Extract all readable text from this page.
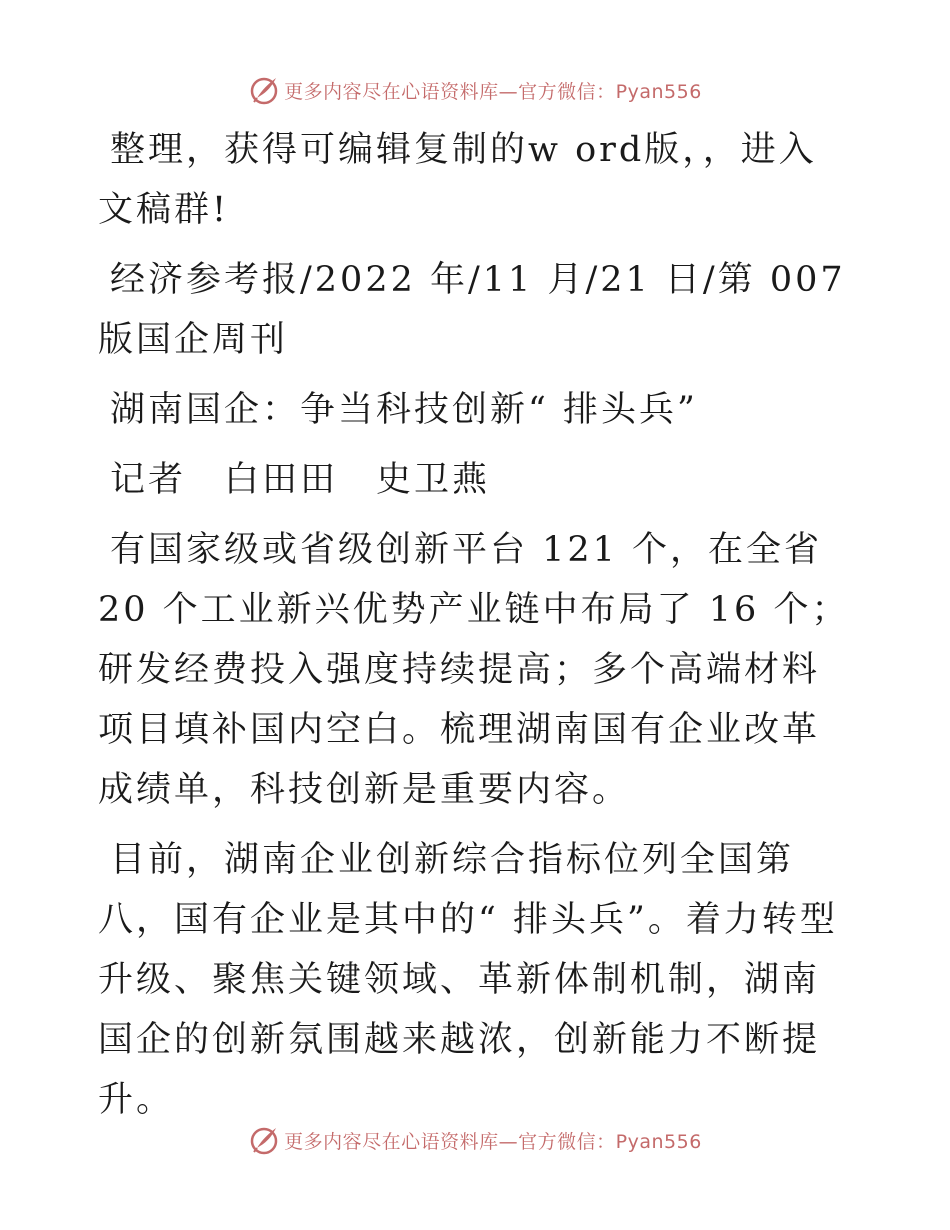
更多内容尽在心语资料库—官方微信：Pyan556

整理，获得可编辑复制的w ord版，，进入文稿群!

经济参考报/2022 年/11 月/21 日/第 007 版国企周刊

湖南国企：争当科技创新“ 排头兵”

记者　白田田　史卫燕

有国家级或省级创新平台 121 个，在全省 20 个工业新兴优势产业链中布局了 16 个；研发经费投入强度持续提高；多个高端材料项目填补国内空白。梳理湖南国有企业改革成绩单，科技创新是重要内容。

目前，湖南企业创新综合指标位列全国第八，国有企业是其中的“ 排头兵”。着力转型升级、聚焦关键领域、革新体制机制，湖南国企的创新氛围越来越浓，创新能力不断提升。

更多内容尽在心语资料库—官方微信：Pyan556
